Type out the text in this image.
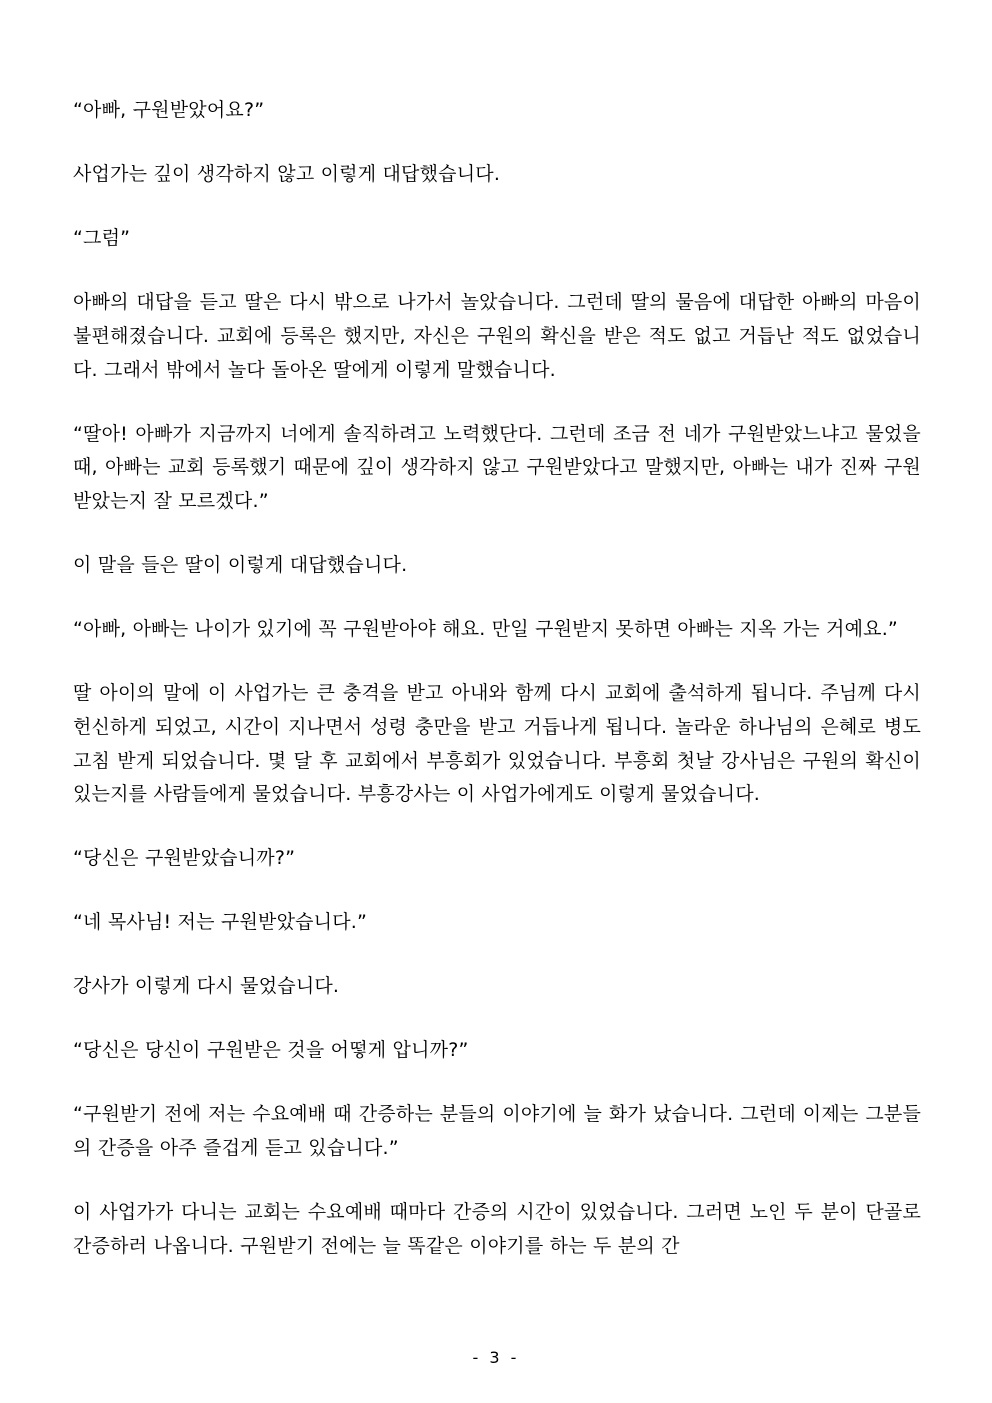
“아빠, 구원받았어요?”

사업가는 깊이 생각하지 않고 이렇게 대답했습니다.

“그럼”

아빠의 대답을 듣고 딸은 다시 밖으로 나가서 놀았습니다. 그런데 딸의 물음에 대답한 아빠의 마음이 불편해졌습니다. 교회에 등록은 했지만, 자신은 구원의 확신을 받은 적도 없고 거듭난 적도 없었습니다. 그래서 밖에서 놀다 돌아온 딸에게 이렇게 말했습니다.

“딸아! 아빠가 지금까지 너에게 솔직하려고 노력했단다. 그런데 조금 전 네가 구원받았느냐고 물었을 때, 아빠는 교회 등록했기 때문에 깊이 생각하지 않고 구원받았다고 말했지만, 아빠는 내가 진짜 구원받았는지 잘 모르겠다.”

이 말을 들은 딸이 이렇게 대답했습니다.

“아빠, 아빠는 나이가 있기에 꼭 구원받아야 해요. 만일 구원받지 못하면 아빠는 지옥 가는 거예요.”

딸 아이의 말에 이 사업가는 큰 충격을 받고 아내와 함께 다시 교회에 출석하게 됩니다. 주님께 다시 헌신하게 되었고, 시간이 지나면서 성령 충만을 받고 거듭나게 됩니다. 놀라운 하나님의 은혜로 병도 고침 받게 되었습니다. 몇 달 후 교회에서 부흥회가 있었습니다. 부흥회 첫날 강사님은 구원의 확신이 있는지를 사람들에게 물었습니다. 부흥강사는 이 사업가에게도 이렇게 물었습니다.

“당신은 구원받았습니까?”

“네 목사님! 저는 구원받았습니다.”

강사가 이렇게 다시 물었습니다.

“당신은 당신이 구원받은 것을 어떻게 압니까?”

“구원받기 전에 저는 수요예배 때 간증하는 분들의 이야기에 늘 화가 났습니다. 그런데 이제는 그분들의 간증을 아주 즐겁게 듣고 있습니다.”

이 사업가가 다니는 교회는 수요예배 때마다 간증의 시간이 있었습니다. 그러면 노인 두 분이 단골로 간증하러 나옵니다. 구원받기 전에는 늘 똑같은 이야기를 하는 두 분의 간

- 3 -
